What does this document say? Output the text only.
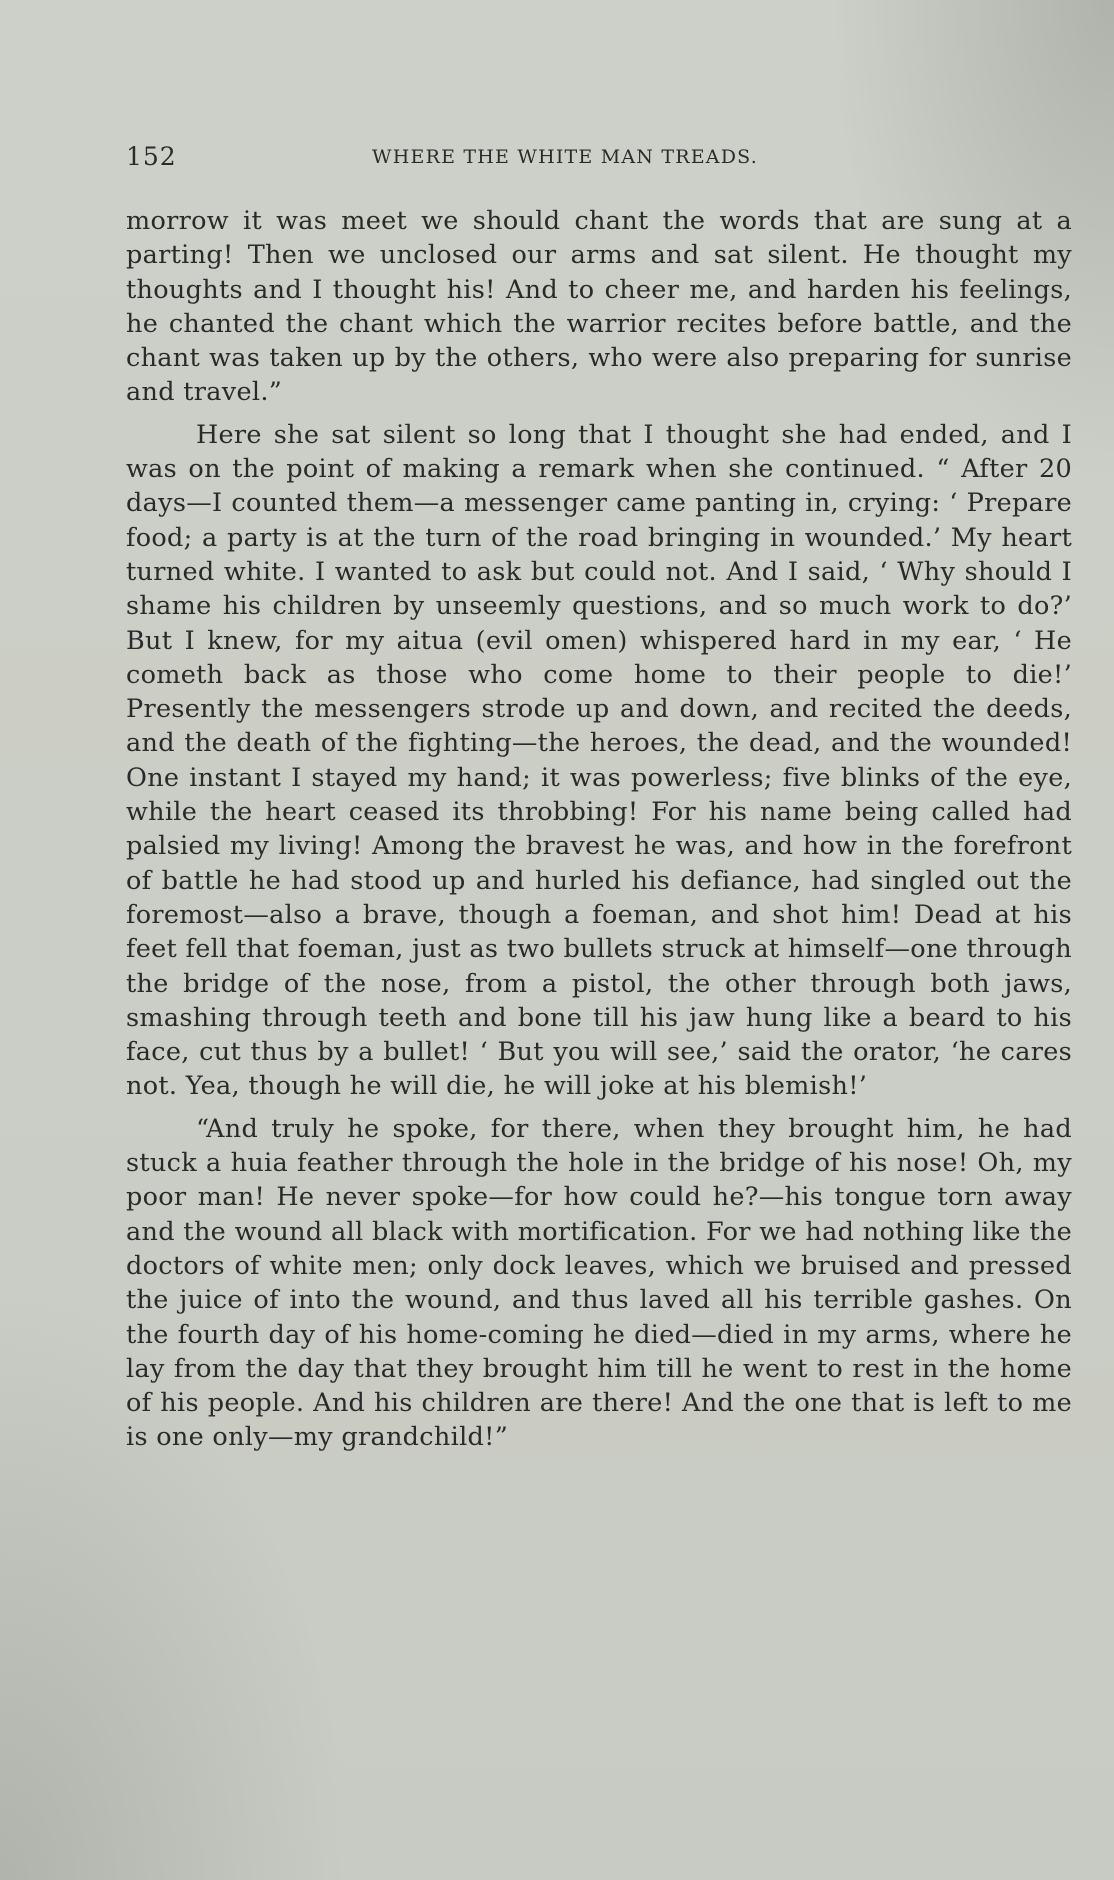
152	WHERE THE WHITE MAN TREADS.

morrow it was meet we should chant the words that are sung at a parting! Then we unclosed our arms and sat silent. He thought my thoughts and I thought his! And to cheer me, and harden his feelings, he chanted the chant which the warrior recites before battle, and the chant was taken up by the others, who were also preparing for sunrise and travel.”

Here she sat silent so long that I thought she had ended, and I was on the point of making a remark when she continued. “ After 20 days—I counted them—a messenger came panting in, crying: ‘ Prepare food; a party is at the turn of the road bringing in wounded.’ My heart turned white. I wanted to ask but could not. And I said, ‘ Why should I shame his children by unseemly questions, and so much work to do?’ But I knew, for my aitua (evil omen) whispered hard in my ear, ‘ He cometh back as those who come home to their people to die!’ Presently the messengers strode up and down, and recited the deeds, and the death of the fighting—the heroes, the dead, and the wounded! One instant I stayed my hand; it was powerless; five blinks of the eye, while the heart ceased its throbbing! For his name being called had palsied my living! Among the bravest he was, and how in the forefront of battle he had stood up and hurled his defiance, had singled out the foremost—also a brave, though a foeman, and shot him! Dead at his feet fell that foeman, just as two bullets struck at himself—one through the bridge of the nose, from a pistol, the other through both jaws, smashing through teeth and bone till his jaw hung like a beard to his face, cut thus by a bullet! ‘ But you will see,’ said the orator, ‘he cares not. Yea, though he will die, he will joke at his blemish!’

“And truly he spoke, for there, when they brought him, he had stuck a huia feather through the hole in the bridge of his nose! Oh, my poor man! He never spoke—for how could he?—his tongue torn away and the wound all black with mortification. For we had nothing like the doctors of white men; only dock leaves, which we bruised and pressed the juice of into the wound, and thus laved all his terrible gashes. On the fourth day of his home-coming he died—died in my arms, where he lay from the day that they brought him till he went to rest in the home of his people. And his children are there! And the one that is left to me is one only—my grandchild!”
